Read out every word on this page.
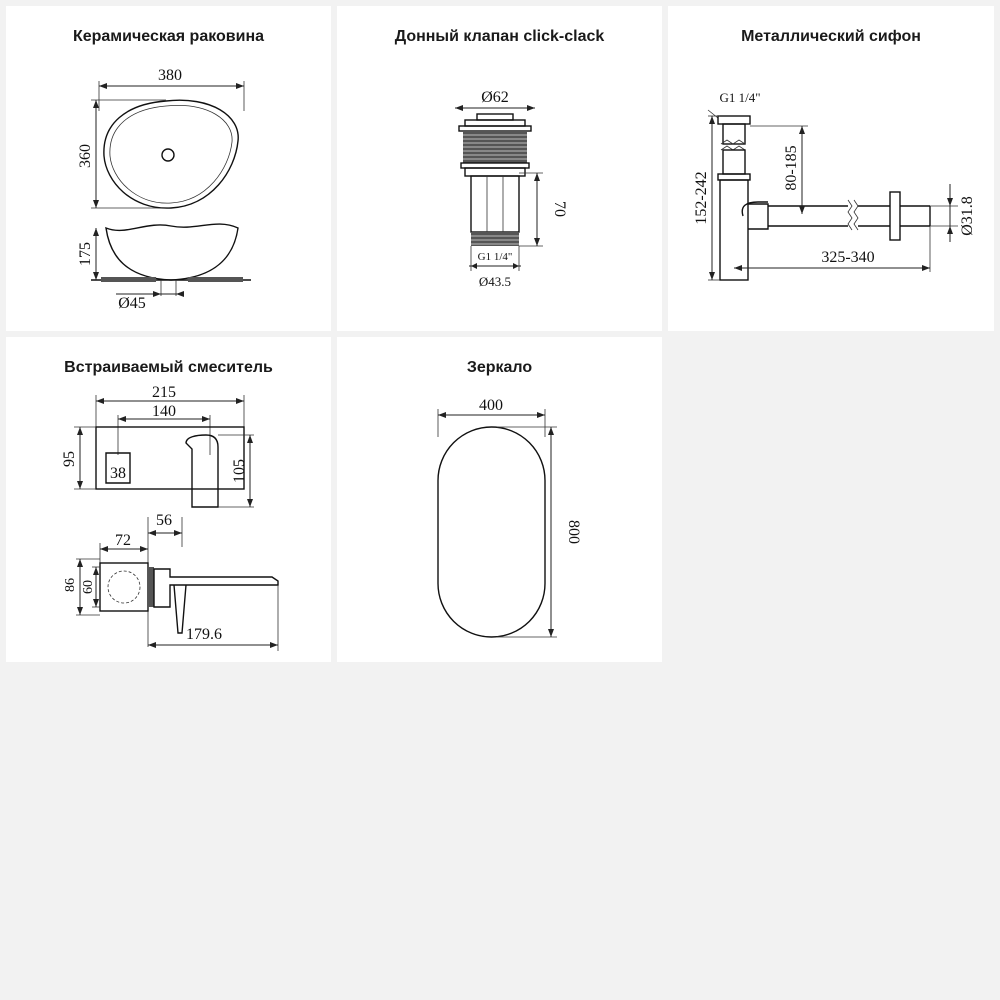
Керамическая раковина
380
360
175
Ø45
Донный клапан click-clack
Ø62
70
G1 1/4"
Ø43.5
Металлический сифон
G1 1/4"
152-242
80-185
Ø31.8
325-340
Встраиваемый смеситель
215
140
95
38	105
56
72
86 60
179.6
Зеркало
400
800
